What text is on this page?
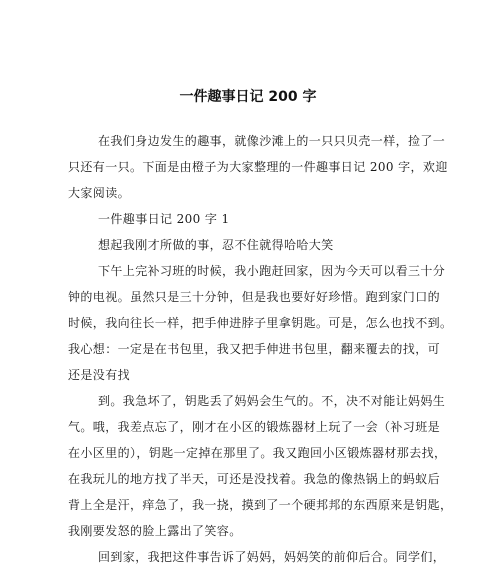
一件趣事日记 200 字
在我们身边发生的趣事，就像沙滩上的一只只贝壳一样，捡了一
只还有一只。下面是由橙子为大家整理的一件趣事日记 200 字，欢迎
大家阅读。
一件趣事日记 200 字 1
想起我刚才所做的事，忍不住就得哈哈大笑
下午上完补习班的时候，我小跑赶回家，因为今天可以看三十分
钟的电视。虽然只是三十分钟，但是我也要好好珍惜。跑到家门口的
时候，我向往长一样，把手伸进脖子里拿钥匙。可是，怎么也找不到。
我心想：一定是在书包里，我又把手伸进书包里，翻来覆去的找，可
还是没有找
到。我急坏了，钥匙丢了妈妈会生气的。不，决不对能让妈妈生
气。哦，我差点忘了，刚才在小区的锻炼器材上玩了一会（补习班是
在小区里的），钥匙一定掉在那里了。我又跑回小区锻炼器材那去找，
在我玩儿的地方找了半天，可还是没找着。我急的像热锅上的蚂蚁后
背上全是汗，痒急了，我一挠，摸到了一个硬邦邦的东西原来是钥匙，
我刚要发怒的脸上露出了笑容。
回到家，我把这件事告诉了妈妈，妈妈笑的前仰后合。同学们，
